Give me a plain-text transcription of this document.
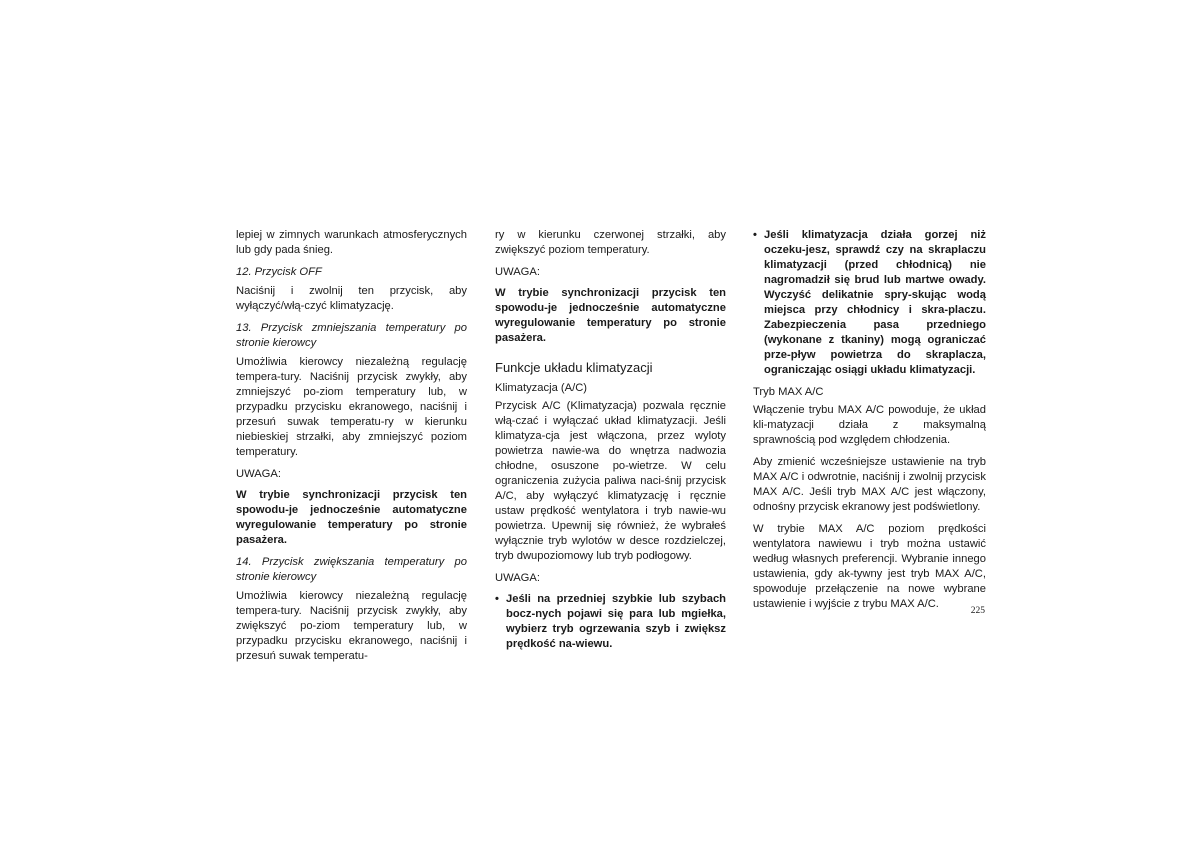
lepiej w zimnych warunkach atmosferycznych lub gdy pada śnieg.

12. Przycisk OFF

Naciśnij i zwolnij ten przycisk, aby wyłączyć/włą-czyć klimatyzację.

13. Przycisk zmniejszania temperatury po stronie kierowcy

Umożliwia kierowcy niezależną regulację tempera-tury. Naciśnij przycisk zwykły, aby zmniejszyć po-ziom temperatury lub, w przypadku przycisku ekranowego, naciśnij i przesuń suwak temperatu-ry w kierunku niebieskiej strzałki, aby zmniejszyć poziom temperatury.

UWAGA:

W trybie synchronizacji przycisk ten spowodu-je jednocześnie automatyczne wyregulowanie temperatury po stronie pasażera.

14. Przycisk zwiększania temperatury po stronie kierowcy

Umożliwia kierowcy niezależną regulację tempera-tury. Naciśnij przycisk zwykły, aby zwiększyć po-ziom temperatury lub, w przypadku przycisku ekranowego, naciśnij i przesuń suwak temperatu-

ry w kierunku czerwonej strzałki, aby zwiększyć poziom temperatury.

UWAGA:

W trybie synchronizacji przycisk ten spowodu-je jednocześnie automatyczne wyregulowanie temperatury po stronie pasażera.

Funkcje układu klimatyzacji

Klimatyzacja (A/C)

Przycisk A/C (Klimatyzacja) pozwala ręcznie włą-czać i wyłączać układ klimatyzacji. Jeśli klimatyza-cja jest włączona, przez wyloty powietrza nawie-wa do wnętrza nadwozia chłodne, osuszone po-wietrze. W celu ograniczenia zużycia paliwa naci-śnij przycisk A/C, aby wyłączyć klimatyzację i ręcznie ustaw prędkość wentylatora i tryb nawie-wu powietrza. Upewnij się również, że wybrałeś wyłącznie tryb wylotów w desce rozdzielczej, tryb dwupoziomowy lub tryb podłogowy.

UWAGA:

• Jeśli na przedniej szybkie lub szybach bocz-nych pojawi się para lub mgiełka, wybierz tryb ogrzewania szyb i zwiększ prędkość na-wiewu.
• Jeśli klimatyzacja działa gorzej niż oczeku-jesz, sprawdź czy na skraplaczu klimatyzacji (przed chłodnicą) nie nagromadził się brud lub martwe owady. Wyczyść delikatnie spry-skując wodą miejsca przy chłodnicy i skra-placzu. Zabezpieczenia pasa przedniego (wykonane z tkaniny) mogą ograniczać prze-pływ powietrza do skraplacza, ograniczając osiągi układu klimatyzacji.

Tryb MAX A/C

Włączenie trybu MAX A/C powoduje, że układ kli-matyzacji działa z maksymalną sprawnością pod względem chłodzenia.

Aby zmienić wcześniejsze ustawienie na tryb MAX A/C i odwrotnie, naciśnij i zwolnij przycisk MAX A/C. Jeśli tryb MAX A/C jest włączony, odnośny przycisk ekranowy jest podświetlony.

W trybie MAX A/C poziom prędkości wentylatora nawiewu i tryb można ustawić według własnych preferencji. Wybranie innego ustawienia, gdy ak-tywny jest tryb MAX A/C, spowoduje przełączenie na nowe wybrane ustawienie i wyjście z trybu MAX A/C.

225
